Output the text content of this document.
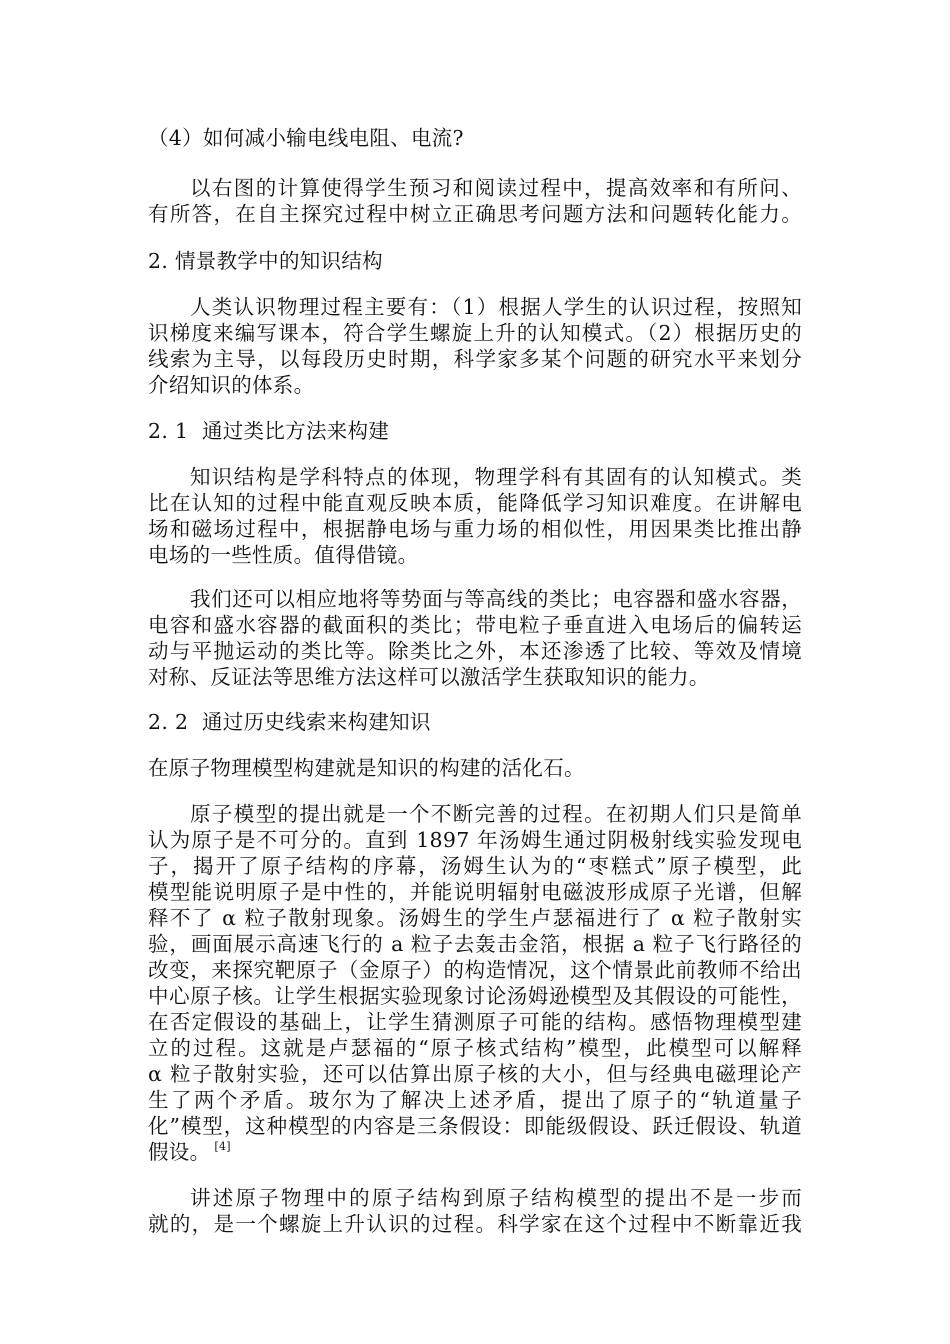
（4）如何减小输电线电阻、电流?
以右图的计算使得学生预习和阅读过程中，提高效率和有所问、
有所答，在自主探究过程中树立正确思考问题方法和问题转化能力。
2. 情景教学中的知识结构
人类认识物理过程主要有：（1）根据人学生的认识过程，按照知
识梯度来编写课本，符合学生螺旋上升的认知模式。（2）根据历史的
线索为主导，以每段历史时期，科学家多某个问题的研究水平来划分
介绍知识的体系。
2. 1  通过类比方法来构建
知识结构是学科特点的体现，物理学科有其固有的认知模式。类
比在认知的过程中能直观反映本质，能降低学习知识难度。在讲解电
场和磁场过程中，根据静电场与重力场的相似性，用因果类比推出静
电场的一些性质。值得借镜。
我们还可以相应地将等势面与等高线的类比；电容器和盛水容器，
电容和盛水容器的截面积的类比；带电粒子垂直进入电场后的偏转运
动与平抛运动的类比等。除类比之外，本还渗透了比较、等效及情境
对称、反证法等思维方法这样可以激活学生获取知识的能力。
2. 2  通过历史线索来构建知识
在原子物理模型构建就是知识的构建的活化石。
原子模型的提出就是一个不断完善的过程。在初期人们只是简单
认为原子是不可分的。直到 1897 年汤姆生通过阴极射线实验发现电
子，揭开了原子结构的序幕，汤姆生认为的“枣糕式”原子模型，此
模型能说明原子是中性的，并能说明辐射电磁波形成原子光谱，但解
释不了 α 粒子散射现象。汤姆生的学生卢瑟福进行了 α 粒子散射实
验，画面展示高速飞行的 a 粒子去轰击金箔，根据 a 粒子飞行路径的
改变，来探究靶原子（金原子）的构造情况，这个情景此前教师不给出
中心原子核。让学生根据实验现象讨论汤姆逊模型及其假设的可能性，
在否定假设的基础上，让学生猜测原子可能的结构。感悟物理模型建
立的过程。这就是卢瑟福的“原子核式结构”模型，此模型可以解释
α 粒子散射实验，还可以估算出原子核的大小，但与经典电磁理论产
生了两个矛盾。玻尔为了解决上述矛盾，提出了原子的“轨道量子
化”模型，这种模型的内容是三条假设：即能级假设、跃迁假设、轨道
假设。 [4]
讲述原子物理中的原子结构到原子结构模型的提出不是一步而
就的，是一个螺旋上升认识的过程。科学家在这个过程中不断靠近我
